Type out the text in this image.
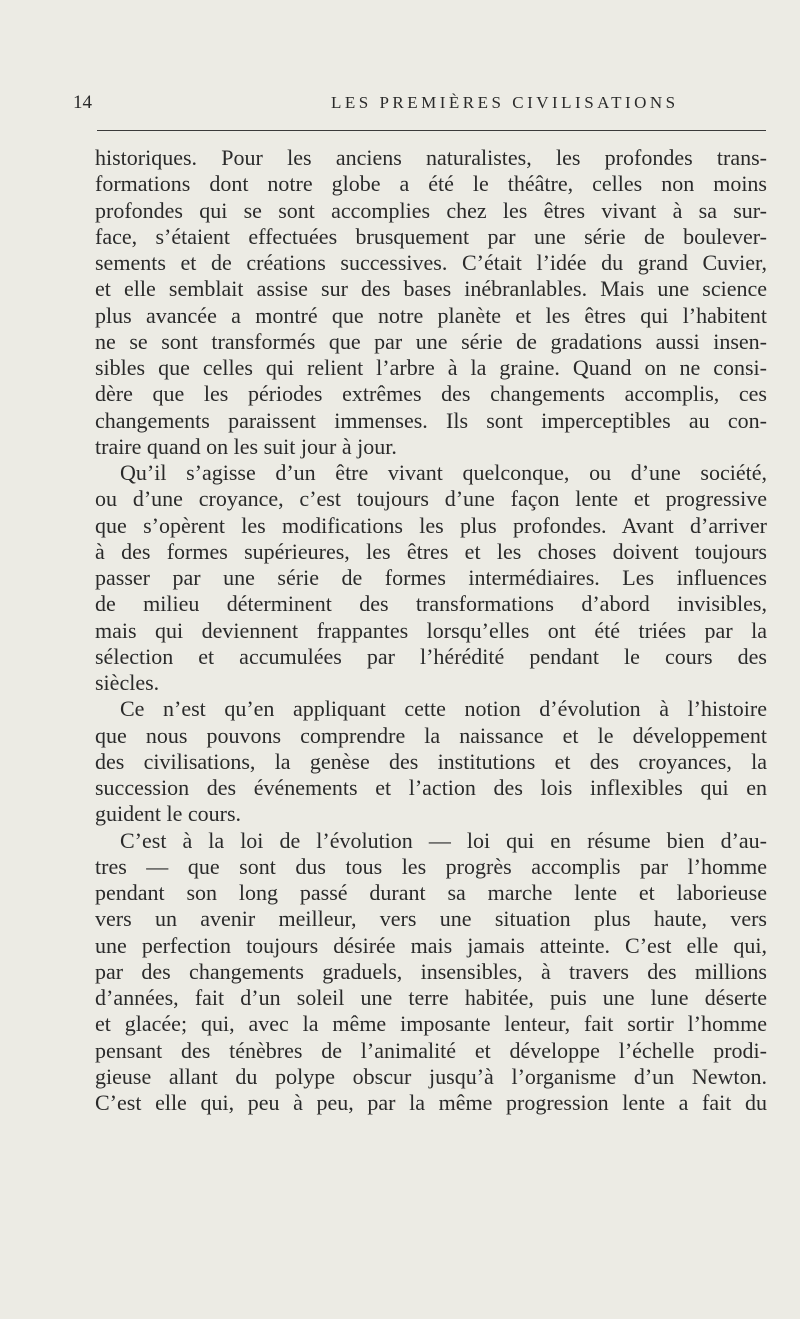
14	LES PREMIÈRES CIVILISATIONS
historiques. Pour les anciens naturalistes, les profondes trans-
formations dont notre globe a été le théâtre, celles non moins
profondes qui se sont accomplies chez les êtres vivant à sa sur-
face, s’étaient effectuées brusquement par une série de boulever-
sements et de créations successives. C’était l’idée du grand Cuvier,
et elle semblait assise sur des bases inébranlables. Mais une science
plus avancée a montré que notre planète et les êtres qui l’habitent
ne se sont transformés que par une série de gradations aussi insen-
sibles que celles qui relient l’arbre à la graine. Quand on ne consi-
dère que les périodes extrêmes des changements accomplis, ces
changements paraissent immenses. Ils sont imperceptibles au con-
traire quand on les suit jour à jour.
Qu’il s’agisse d’un être vivant quelconque, ou d’une société,
ou d’une croyance, c’est toujours d’une façon lente et progressive
que s’opèrent les modifications les plus profondes. Avant d’arriver
à des formes supérieures, les êtres et les choses doivent toujours
passer par une série de formes intermédiaires. Les influences
de milieu déterminent des transformations d’abord invisibles,
mais qui deviennent frappantes lorsqu’elles ont été triées par la
sélection et accumulées par l’hérédité pendant le cours des
siècles.
Ce n’est qu’en appliquant cette notion d’évolution à l’histoire
que nous pouvons comprendre la naissance et le développement
des civilisations, la genèse des institutions et des croyances, la
succession des événements et l’action des lois inflexibles qui en
guident le cours.
C’est à la loi de l’évolution — loi qui en résume bien d’au-
tres — que sont dus tous les progrès accomplis par l’homme
pendant son long passé durant sa marche lente et laborieuse
vers un avenir meilleur, vers une situation plus haute, vers
une perfection toujours désirée mais jamais atteinte. C’est elle qui,
par des changements graduels, insensibles, à travers des millions
d’années, fait d’un soleil une terre habitée, puis une lune déserte
et glacée; qui, avec la même imposante lenteur, fait sortir l’homme
pensant des ténèbres de l’animalité et développe l’échelle prodi-
gieuse allant du polype obscur jusqu’à l’organisme d’un Newton.
C’est elle qui, peu à peu, par la même progression lente a fait du
